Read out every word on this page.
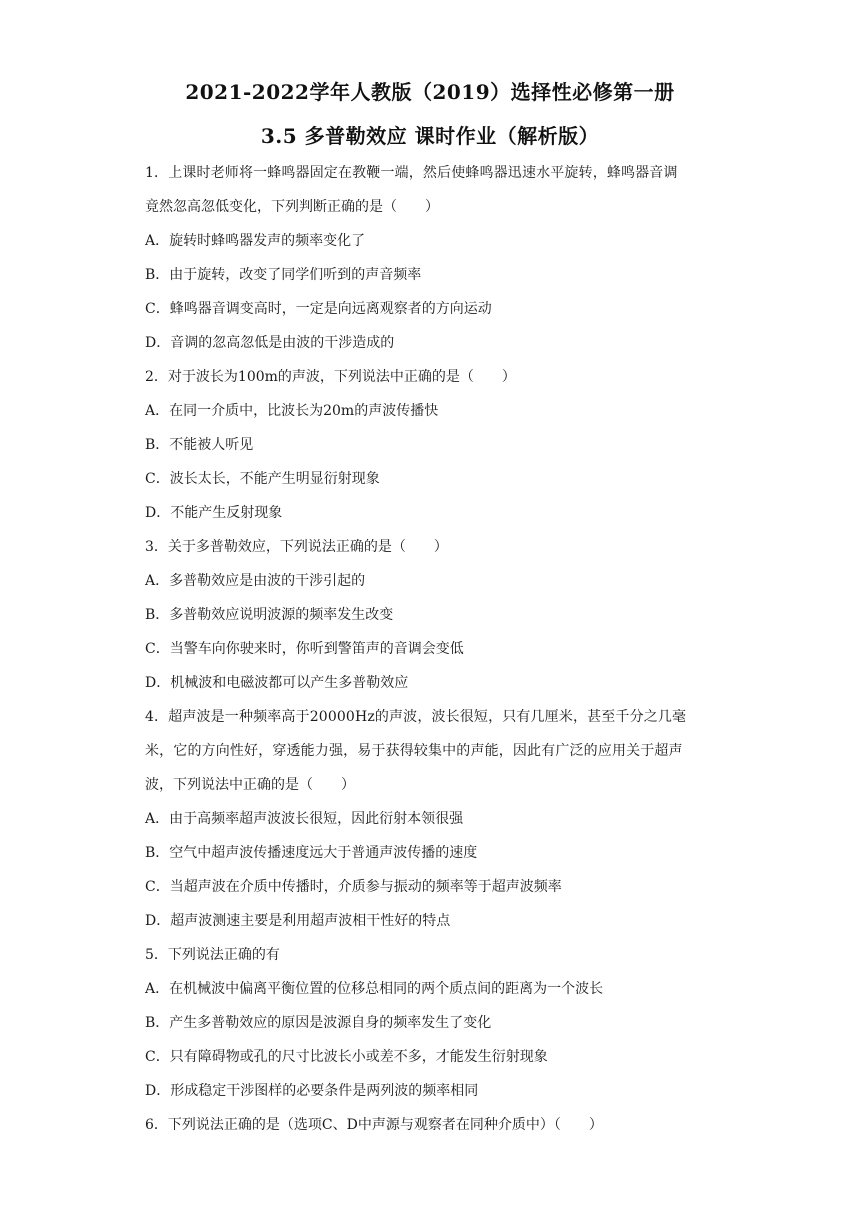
2021-2022学年人教版（2019）选择性必修第一册
3.5 多普勒效应 课时作业（解析版）

1．上课时老师将一蜂鸣器固定在教鞭一端，然后使蜂鸣器迅速水平旋转，蜂鸣器音调

竟然忽高忽低变化，下列判断正确的是（　　）

A．旋转时蜂鸣器发声的频率变化了

B．由于旋转，改变了同学们听到的声音频率

C．蜂鸣器音调变高时，一定是向远离观察者的方向运动

D．音调的忽高忽低是由波的干涉造成的

2．对于波长为100m的声波，下列说法中正确的是（　　）

A．在同一介质中，比波长为20m的声波传播快

B．不能被人听见

C．波长太长，不能产生明显衍射现象

D．不能产生反射现象

3．关于多普勒效应，下列说法正确的是（　　）

A．多普勒效应是由波的干涉引起的

B．多普勒效应说明波源的频率发生改变

C．当警车向你驶来时，你听到警笛声的音调会变低

D．机械波和电磁波都可以产生多普勒效应

4．超声波是一种频率高于20000Hz的声波，波长很短，只有几厘米，甚至千分之几毫

米，它的方向性好，穿透能力强，易于获得较集中的声能，因此有广泛的应用关于超声

波，下列说法中正确的是（　　）

A．由于高频率超声波波长很短，因此衍射本领很强

B．空气中超声波传播速度远大于普通声波传播的速度

C．当超声波在介质中传播时，介质参与振动的频率等于超声波频率

D．超声波测速主要是利用超声波相干性好的特点

5．下列说法正确的有

A．在机械波中偏离平衡位置的位移总相同的两个质点间的距离为一个波长

B．产生多普勒效应的原因是波源自身的频率发生了变化

C．只有障碍物或孔的尺寸比波长小或差不多，才能发生衍射现象

D．形成稳定干涉图样的必要条件是两列波的频率相同

6．下列说法正确的是（选项C、D中声源与观察者在同种介质中）（　　）
